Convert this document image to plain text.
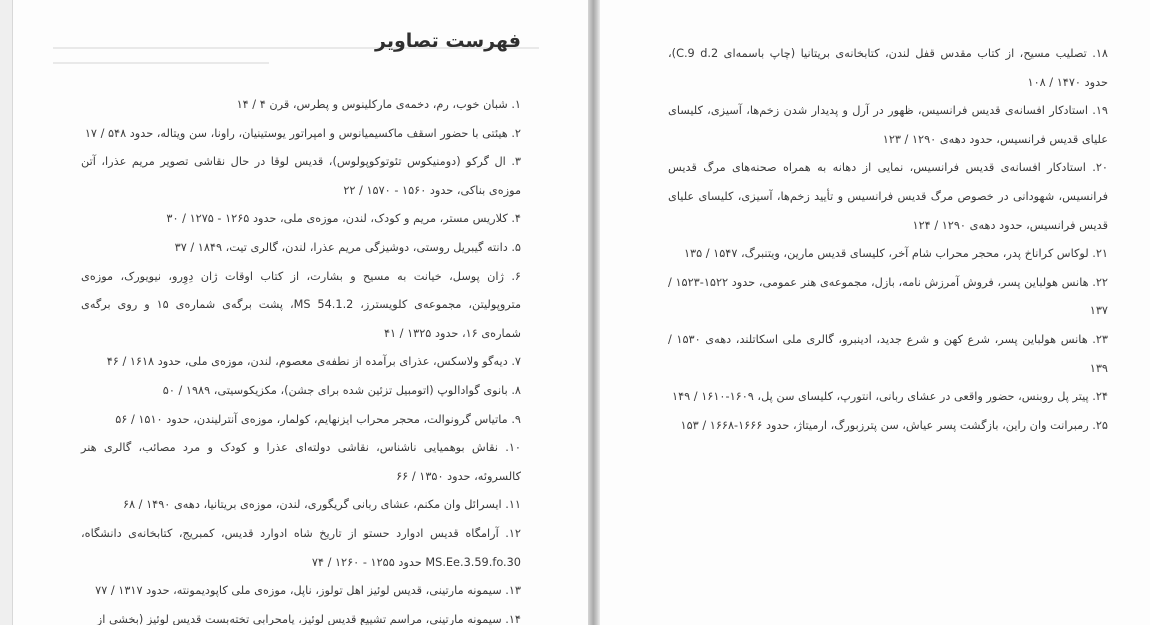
فهرست تصاویر
۱. شبان خوب، رم، دخمه‌ی مارکلینوس و پطرس، قرن ۴ / ۱۴
۲. هیئتی با حضور اسقف ماکسیمیانوس و امپراتور یوستینیان، راونا، سن ویتاله، حدود ۵۴۸ / ۱۷
۳. ال گرکو (دومنیکوس تئوتوکوپولوس)، قدیس لوقا در حال نقاشی تصویر مریم عذرا، آتن موزه‌ی بناکی، حدود ۱۵۶۰ - ۱۵۷۰ / ۲۲
۴. کلاریس مستر، مریم و کودک، لندن، موزه‌ی ملی، حدود ۱۲۶۵ - ۱۲۷۵ / ۳۰
۵. دانته گیبریل روستی، دوشیزگی مریم عذرا، لندن، گالری تیت، ۱۸۴۹ / ۳۷
۶. ژان پوسل، خیانت به مسیح و بشارت، از کتاب اوقات ژان دِوِرو، نیویورک، موزه‌ی متروپولیتن، مجموعه‌ی کلویسترز، MS 54.1.2، پشت برگه‌ی شماره‌ی ۱۵ و روی برگه‌ی شماره‌ی ۱۶، حدود ۱۳۲۵ / ۴۱
۷. دیه‌گو ولاسکس، عذرای برآمده از نطفه‌ی معصوم، لندن، موزه‌ی ملی، حدود ۱۶۱۸ / ۴۶
۸. بانوی گوادالوپ (اتومبیل تزئین شده برای جشن)، مکزیکوسیتی، ۱۹۸۹ / ۵۰
۹. ماتیاس گرونوالت، محجر محراب ایزنهایم، کولمار، موزه‌ی آنترلیندن، حدود ۱۵۱۰ / ۵۶
۱۰. نقاش بوهمیایی ناشناس، نقاشی دولته‌ای عذرا و کودک و مرد مصائب، گالری هنر کالسروئه، حدود ۱۳۵۰ / ۶۶
۱۱. ایسرائل وان مکنم، عشای ربانی گریگوری، لندن، موزه‌ی بریتانیا، دهه‌ی ۱۴۹۰ / ۶۸
۱۲. آرامگاه قدیس ادوارد حستو از تاریخ شاه ادوارد قدیس، کمبریج، کتابخانه‌ی دانشگاه، MS.Ee.3.59.fo.30 حدود ۱۲۵۵ - ۱۲۶۰ / ۷۴
۱۳. سیمونه مارتینی، قدیس لوئیز اهل تولوز، ناپل، موزه‌ی ملی کاپودیمونته، حدود ۱۳۱۷ / ۷۷
۱۴. سیمونه مارتینی، مراسم تشییع قدیس لوئیز، پامحرابی تخته‌بست قدیس لوئیز (بخشی از
۱۸. تصلیب مسیح، از کتاب مقدس قفل لندن، کتابخانه‌ی بریتانیا (چاپ باسمه‌ای C.9 d.2)، حدود ۱۴۷۰ / ۱۰۸
۱۹. استادکار افسانه‌ی قدیس فرانسیس، ظهور در آرل و پدیدار شدن زخم‌ها، آسیزی، کلیسای علیای قدیس فرانسیس، حدود دهه‌ی ۱۲۹۰ / ۱۲۳
۲۰. استادکار افسانه‌ی قدیس فرانسیس، نمایی از دهانه به همراه صحنه‌های مرگ قدیس فرانسیس، شهودانی در خصوص مرگ قدیس فرانسیس و تأیید زخم‌ها، آسیزی، کلیسای علیای قدیس فرانسیس، حدود دهه‌ی ۱۲۹۰ / ۱۲۴
۲۱. لوکاس کراناخ پدر، محجر محراب شام آخر، کلیسای قدیس مارین، ویتنبرگ، ۱۵۴۷ / ۱۳۵
۲۲. هانس هولباین پسر، فروش آمرزش نامه، بازل، مجموعه‌ی هنر عمومی، حدود ۱۵۲۲-۱۵۲۳ / ۱۳۷
۲۳. هانس هولباین پسر، شرع کهن و شرع جدید، ادینبرو، گالری ملی اسکاتلند، دهه‌ی ۱۵۳۰ / ۱۳۹
۲۴. پیتر پل روبنس، حضور واقعی در عشای ربانی، انتورپ، کلیسای سن پل، ۱۶۰۹-۱۶۱۰ / ۱۴۹
۲۵. رمبرانت وان راین، بازگشت پسر عیاش، سن پترزبورگ، ارمیتاژ، حدود ۱۶۶۶-۱۶۶۸ / ۱۵۳
